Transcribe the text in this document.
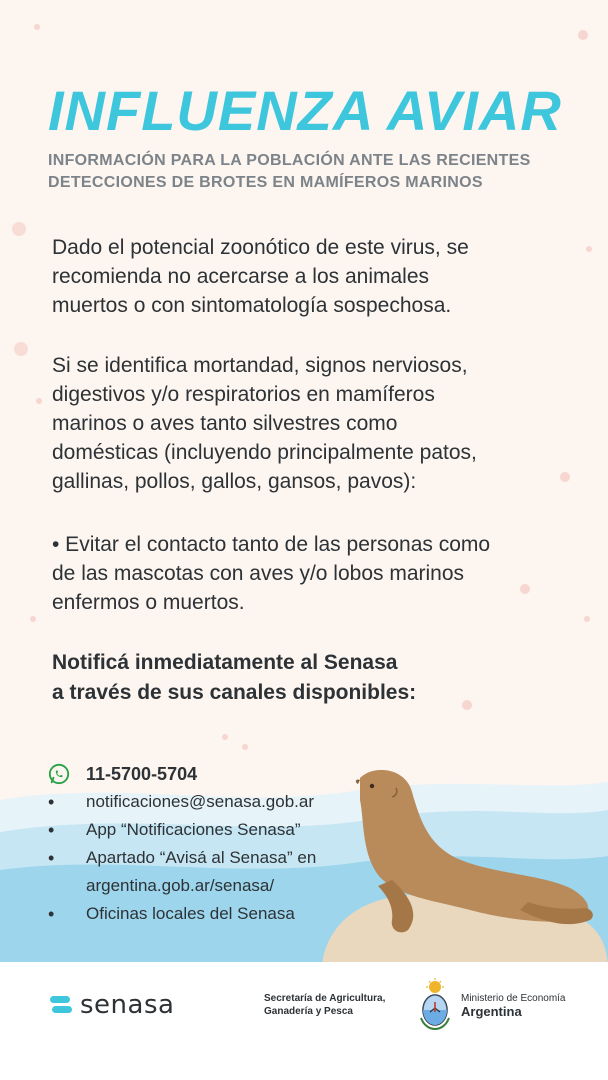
INFLUENZA AVIAR
INFORMACIÓN PARA LA POBLACIÓN ANTE LAS RECIENTES
DETECCIONES DE BROTES EN MAMÍFEROS MARINOS
Dado el potencial zoonótico de este virus, se
recomienda no acercarse a los animales
muertos o con sintomatología sospechosa.
Si se identifica mortandad, signos nerviosos,
digestivos y/o respiratorios en mamíferos
marinos o aves tanto silvestres como
domésticas (incluyendo principalmente patos,
gallinas, pollos, gallos, gansos, pavos):
• Evitar el contacto tanto de las personas como
de las mascotas con aves y/o lobos marinos
enfermos o muertos.
Notificá inmediatamente al Senasa
a través de sus canales disponibles:
11-5700-5704
•	notificaciones@senasa.gob.ar
•	App “Notificaciones Senasa”
•	Apartado “Avisá al Senasa” en
argentina.gob.ar/senasa/
•	Oficinas locales del Senasa
senasa	Secretaría de Agricultura,
Ganadería y Pesca
Ministerio de Economía
Argentina
